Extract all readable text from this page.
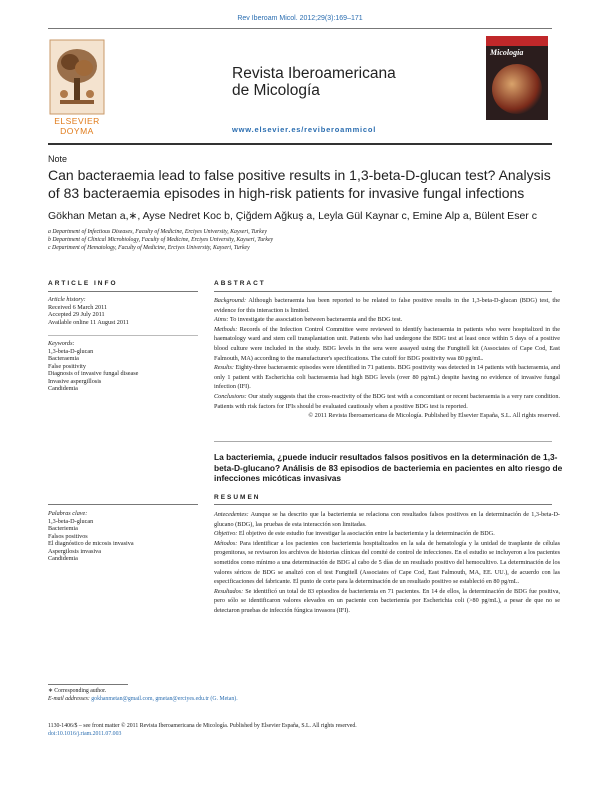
Rev Iberoam Micol. 2012;29(3):169–171
ELSEVIER
DOYMA
Revista Iberoamericana
de Micología
www.elsevier.es/reviberoammicol
Micología
Note
Can bacteraemia lead to false positive results in 1,3-beta-D-glucan test? Analysis of 83 bacteraemia episodes in high-risk patients for invasive fungal infections
Gökhan Metan a,∗, Ayse Nedret Koc b, Çiğdem Ağkuş a, Leyla Gül Kaynar c, Emine Alp a, Bülent Eser c
a Department of Infectious Diseases, Faculty of Medicine, Erciyes University, Kayseri, Turkey
b Department of Clinical Microbiology, Faculty of Medicine, Erciyes University, Kayseri, Turkey
c Department of Hematology, Faculty of Medicine, Erciyes University, Kayseri, Turkey
ARTICLE INFO	ABSTRACT
Article history:
Received 6 March 2011
Accepted 29 July 2011
Available online 11 August 2011
Keywords:
1,3-beta-D-glucan
Bacteraemia
False positivity
Diagnosis of invasive fungal disease
Invasive aspergillosis
Candidemia

Background: Although bacteraemia has been reported to be related to false positive results in the 1,3-beta-D-glucan (BDG) test, the evidence for this interaction is limited.

Aims: To investigate the association between bacteraemia and the BDG test.

Methods: Records of the Infection Control Committee were reviewed to identify bacteraemia in patients who were hospitalized in the haematology ward and stem cell transplantation unit. Patients who had undergone the BDG test at least once within 5 days of a positive blood culture were included in the study. BDG levels in the sera were assayed using the Fungitell kit (Associates of Cape Cod, East Falmouth, MA) according to the manufacturer's specifications. The cutoff for BDG positivity was 80 pg/mL.

Results: Eighty-three bacteraemic episodes were identified in 71 patients. BDG positivity was detected in 14 patients with bacteraemia, and only 1 patient with Escherichia coli bacteraemia had high BDG levels (over 80 pg/mL) despite having no evidence of invasive fungal infection (IFI).

Conclusions: Our study suggests that the cross-reactivity of the BDG test with a concomitant or recent bacteraemia is a very rare condition. Patients with risk factors for IFIs should be evaluated cautiously when a positive BDG test is reported.

© 2011 Revista Iberoamericana de Micología. Published by Elsevier España, S.L. All rights reserved.

La bacteriemia, ¿puede inducir resultados falsos positivos en la determinación de 1,3-beta-D-glucano? Análisis de 83 episodios de bacteriemia en pacientes en alto riesgo de infecciones micóticas invasivas
RESUMEN
Palabras clave:
1,3-beta-D-glucan
Bacteriemia
Falsos positivos
El diagnóstico de micosis invasiva
Aspergilosis invasiva
Candidemia

Antecedentes: Aunque se ha descrito que la bacteriemia se relaciona con resultados falsos positivos en la determinación de 1,3-beta-D-glucano (BDG), las pruebas de esta interacción son limitadas.

Objetivo: El objetivo de este estudio fue investigar la asociación entre la bacteriemia y la determinación de BDG.

Métodos: Para identificar a los pacientes con bacteriemia hospitalizados en la sala de hematología y la unidad de trasplante de células progenitoras, se revisaron los archivos de historias clínicas del comité de control de infecciones. En el estudio se incluyeron a los pacientes sometidos como mínimo a una determinación de BDG al cabo de 5 días de un resultado positivo del hemocultivo. La determinación de los valores séricos de BDG se analizó con el test Fungitell (Associates of Cape Cod, East Falmouth, MA, EE. UU.), de acuerdo con las especificaciones del fabricante. El punto de corte para la determinación de un resultado positivo se estableció en 80 pg/mL.

Resultados: Se identificó un total de 83 episodios de bacteriemia en 71 pacientes. En 14 de ellos, la determinación de BDG fue positiva, pero sólo se identificaron valores elevados en un paciente con bacteriemia por Escherichia coli (>80 pg/mL), a pesar de que no se detectaron pruebas de infección fúngica invasora (IFI).

∗ Corresponding author.
E-mail addresses: gokhanmetan@gmail.com, gmetan@erciyes.edu.tr (G. Metan).
1130-1406/$ – see front matter © 2011 Revista Iberoamericana de Micología. Published by Elsevier España, S.L. All rights reserved.
doi:10.1016/j.riam.2011.07.003
